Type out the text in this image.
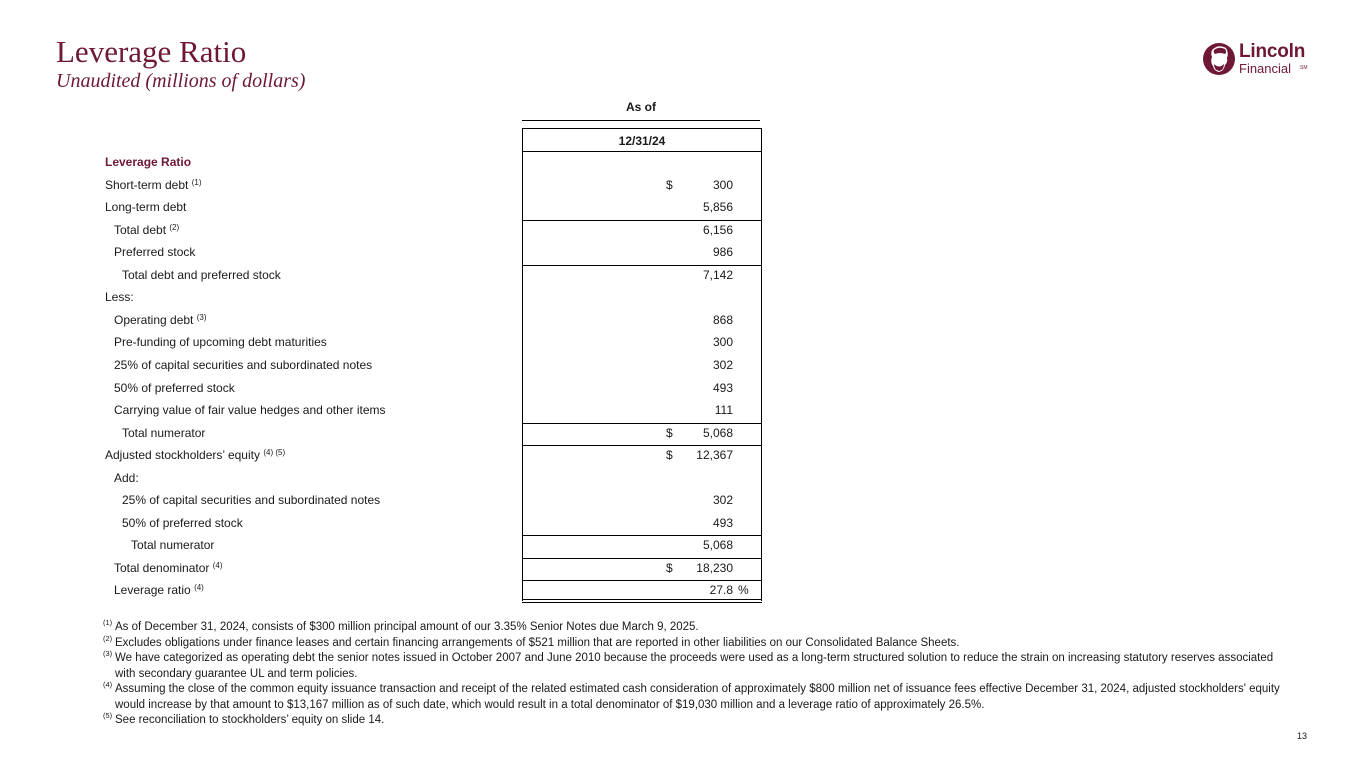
Leverage Ratio
Unaudited (millions of dollars)
Lincoln
Financial SM
As of
12/31/24
Leverage Ratio
Short-term debt $^{(1)}$	$	300
Long-term debt	5,856
Total debt $^{(2)}$	6,156
Preferred stock	986
Total debt and preferred stock	7,142
Less:
Operating debt $^{(3)}$	868
Pre-funding of upcoming debt maturities	300
25% of capital securities and subordinated notes	302
50% of preferred stock	493
Carrying value of fair value hedges and other items	111
Total numerator	$	5,068
Adjusted stockholders’ equity $^{(4) (5)}$	$ 12,367
Add:
25% of capital securities and subordinated notes	302
50% of preferred stock	493
Total numerator	5,068
Total denominator $^{(4)}$	$ 18,230
Leverage ratio $^{(4)}$	27.8 %
(1) As of December 31, 2024, consists of $300 million principal amount of our 3.35% Senior Notes due March 9, 2025.
(2) Excludes obligations under finance leases and certain financing arrangements of $521 million that are reported in other liabilities on our Consolidated Balance Sheets.
(3) We have categorized as operating debt the senior notes issued in October 2007 and June 2010 because the proceeds were used as a long-term structured solution to reduce the strain on increasing statutory reserves associated with secondary guarantee UL and term policies.
(4) Assuming the close of the common equity issuance transaction and receipt of the related estimated cash consideration of approximately $800 million net of issuance fees effective December 31, 2024, adjusted stockholders' equity would increase by that amount to $13,167 million as of such date, which would result in a total denominator of $19,030 million and a leverage ratio of approximately 26.5%.
(5) See reconciliation to stockholders’ equity on slide 14.
13
